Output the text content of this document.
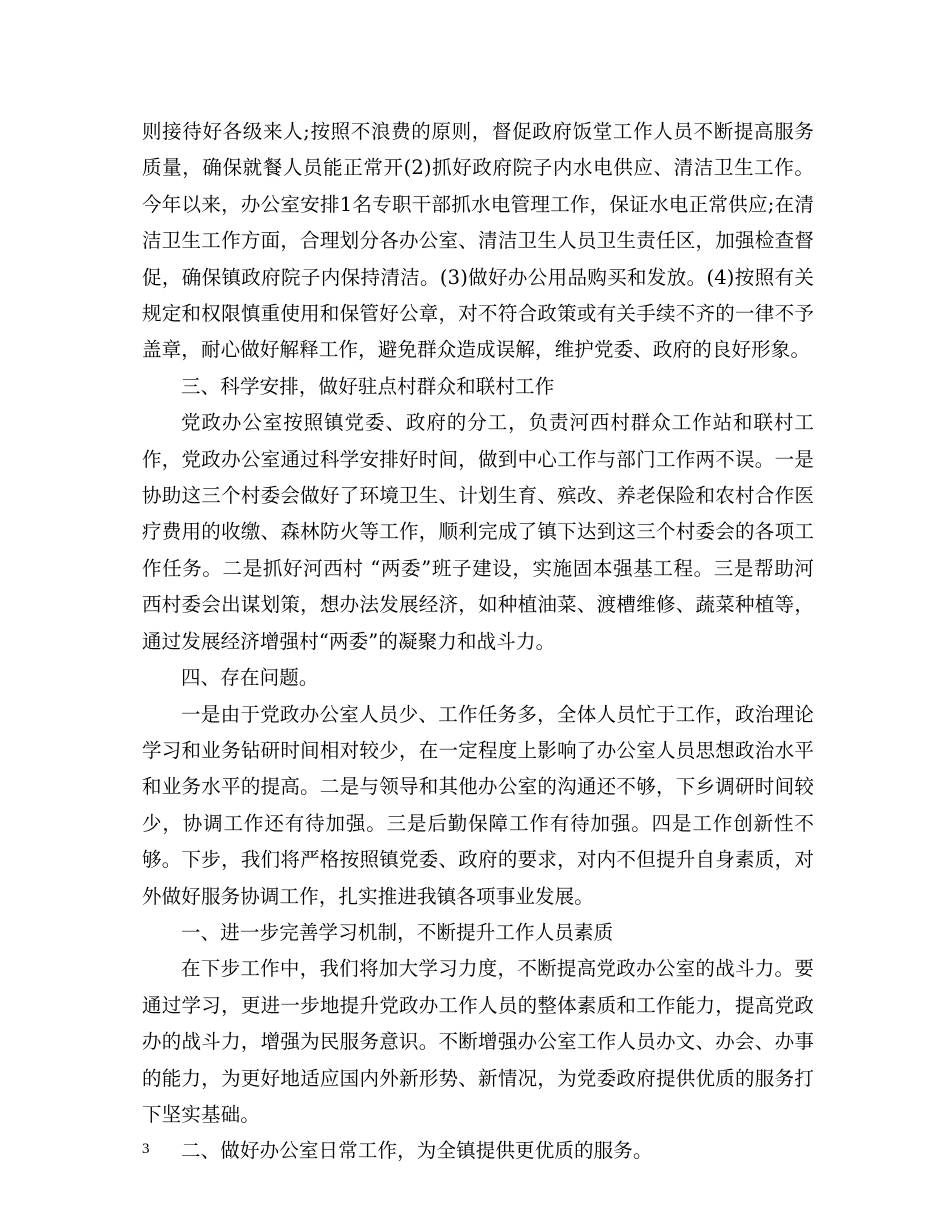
则接待好各级来人;按照不浪费的原则，督促政府饭堂工作人员不断提高服务质量，确保就餐人员能正常开(2)抓好政府院子内水电供应、清洁卫生工作。今年以来，办公室安排1名专职干部抓水电管理工作，保证水电正常供应;在清洁卫生工作方面，合理划分各办公室、清洁卫生人员卫生责任区，加强检查督促，确保镇政府院子内保持清洁。(3)做好办公用品购买和发放。(4)按照有关规定和权限慎重使用和保管好公章，对不符合政策或有关手续不齐的一律不予盖章，耐心做好解释工作，避免群众造成误解，维护党委、政府的良好形象。

三、科学安排，做好驻点村群众和联村工作

党政办公室按照镇党委、政府的分工，负责河西村群众工作站和联村工作，党政办公室通过科学安排好时间，做到中心工作与部门工作两不误。一是协助这三个村委会做好了环境卫生、计划生育、殡改、养老保险和农村合作医疗费用的收缴、森林防火等工作，顺利完成了镇下达到这三个村委会的各项工作任务。二是抓好河西村 “两委”班子建设，实施固本强基工程。三是帮助河西村委会出谋划策，想办法发展经济，如种植油菜、渡槽维修、蔬菜种植等，通过发展经济增强村“两委”的凝聚力和战斗力。

四、存在问题。

一是由于党政办公室人员少、工作任务多，全体人员忙于工作，政治理论学习和业务钻研时间相对较少，在一定程度上影响了办公室人员思想政治水平和业务水平的提高。二是与领导和其他办公室的沟通还不够，下乡调研时间较少，协调工作还有待加强。三是后勤保障工作有待加强。四是工作创新性不够。下步，我们将严格按照镇党委、政府的要求，对内不但提升自身素质，对外做好服务协调工作，扎实推进我镇各项事业发展。

一、进一步完善学习机制，不断提升工作人员素质

在下步工作中，我们将加大学习力度，不断提高党政办公室的战斗力。要通过学习，更进一步地提升党政办工作人员的整体素质和工作能力，提高党政办的战斗力，增强为民服务意识。不断增强办公室工作人员办文、办会、办事的能力，为更好地适应国内外新形势、新情况，为党委政府提供优质的服务打下坚实基础。

二、做好办公室日常工作，为全镇提供更优质的服务。

3
